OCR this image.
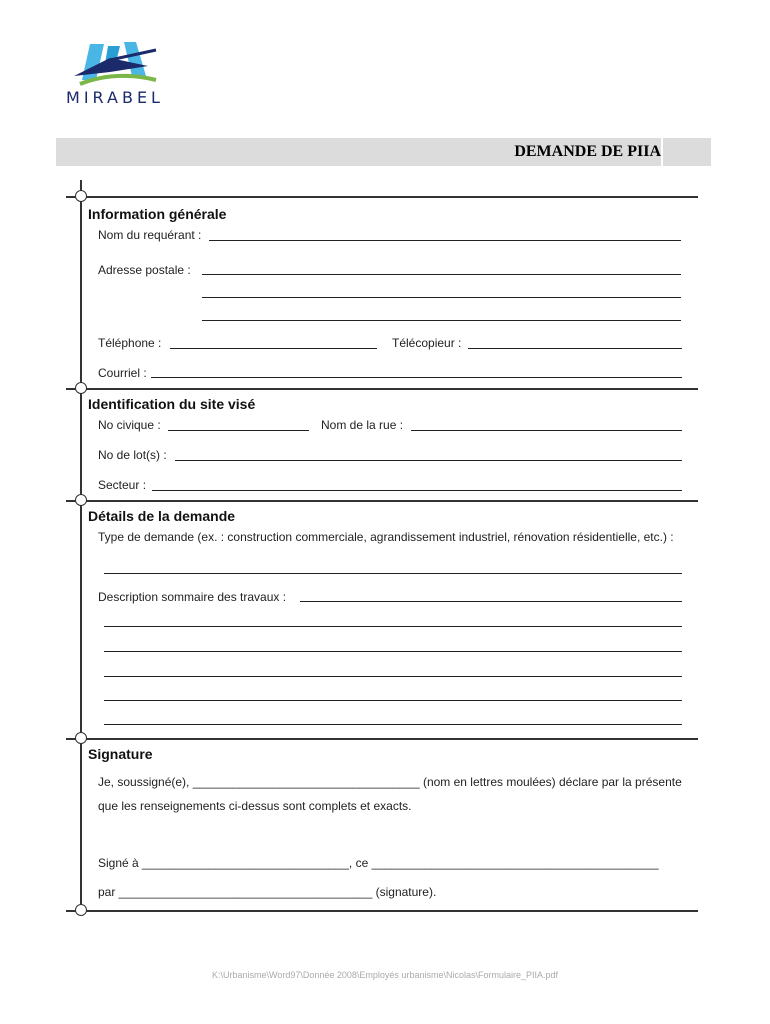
MIRABEL
DEMANDE DE PIIA
Information générale
Nom du requérant :
Adresse postale :
Téléphone :	Télécopieur :
Courriel :
Identification du site visé
No civique :	Nom de la rue :
No de lot(s) :
Secteur :
Détails de la demande
Type de demande (ex. : construction commerciale, agrandissement industriel, rénovation résidentielle, etc.) :
Description sommaire des travaux :
Signature
Je, soussigné(e), __________________________________ (nom en lettres moulées) déclare par la présente
que les renseignements ci-dessus sont complets et exacts.
Signé à _______________________________, ce ___________________________________________
par ______________________________________ (signature).
K:\Urbanisme\Word97\Donnée 2008\Employés urbanisme\Nicolas\Formulaire_PIIA.pdf
